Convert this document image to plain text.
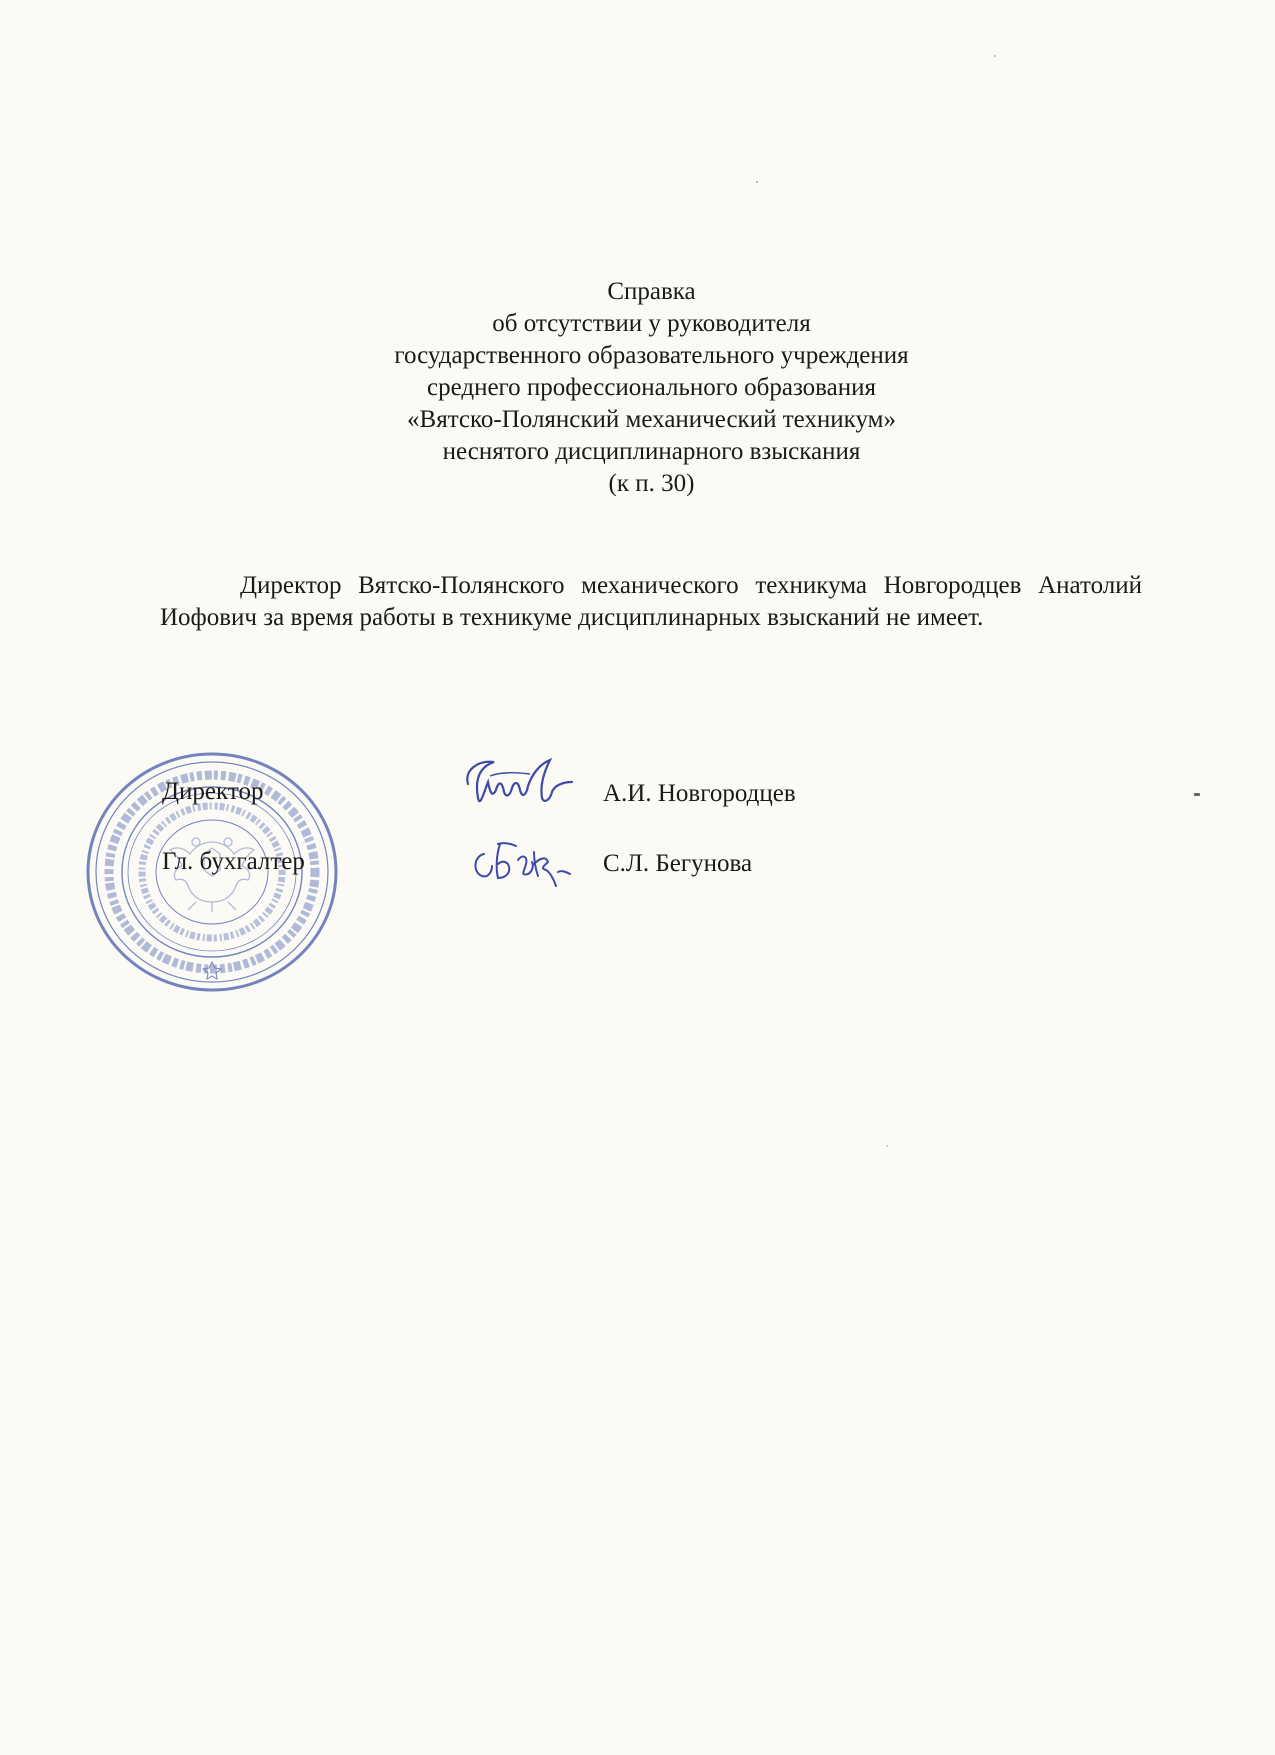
Справка
об отсутствии у руководителя
государственного образовательного учреждения
среднего профессионального образования
«Вятско-Полянский механический техникум»
неснятого дисциплинарного взыскания
(к п. 30)
Директор Вятско-Полянского механического техникума Новгородцев Анатолий Иофович за время работы в техникуме дисциплинарных взысканий не имеет.
Директор
Гл. бухгалтер
А.И. Новгородцев
С.Л. Бегунова
